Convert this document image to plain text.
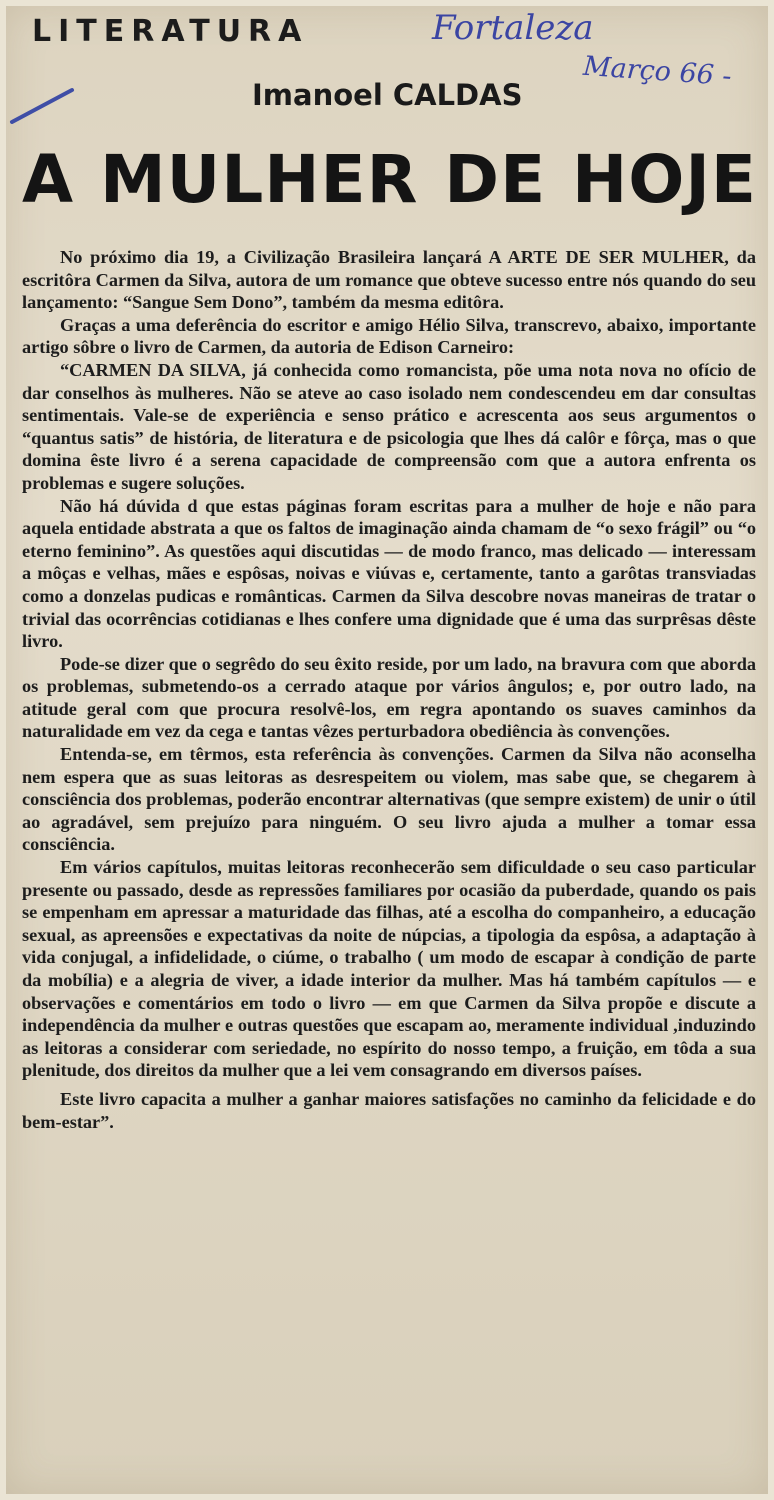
LITERATURA	Fortaleza
Março 66 -
Imanoel CALDAS
A MULHER DE HOJE

No próximo dia 19, a Civilização Brasileira lançará A ARTE DE SER MULHER, da escritôra Carmen da Silva, autora de um romance que obteve sucesso entre nós quando do seu lançamento: “Sangue Sem Dono”, também da mesma editôra.

Graças a uma deferência do escritor e amigo Hélio Silva, transcrevo, abaixo, importante artigo sôbre o livro de Carmen, da autoria de Edison Carneiro:

“CARMEN DA SILVA, já conhecida como romancista, põe uma nota nova no ofício de dar conselhos às mulheres. Não se ateve ao caso isolado nem condescendeu em dar consultas sentimentais. Vale-se de experiência e senso prático e acrescenta aos seus argumentos o “quantus satis” de história, de literatura e de psicologia que lhes dá calôr e fôrça, mas o que domina êste livro é a serena capacidade de compreensão com que a autora enfrenta os problemas e sugere soluções.

Não há dúvida d que estas páginas foram escritas para a mulher de hoje e não para aquela entidade abstrata a que os faltos de imaginação ainda chamam de “o sexo frágil” ou “o eterno feminino”. As questões aqui discutidas — de modo franco, mas delicado — interessam a môças e velhas, mães e espôsas, noivas e viúvas e, certamente, tanto a garôtas transviadas como a donzelas pudicas e românticas. Carmen da Silva descobre novas maneiras de tratar o trivial das ocorrências cotidianas e lhes confere uma dignidade que é uma das surprêsas dêste livro.

Pode-se dizer que o segrêdo do seu êxito reside, por um lado, na bravura com que aborda os problemas, submetendo-os a cerrado ataque por vários ângulos; e, por outro lado, na atitude geral com que procura resolvê-los, em regra apontando os suaves caminhos da naturalidade em vez da cega e tantas vêzes perturbadora obediência às convenções.

Entenda-se, em têrmos, esta referência às convenções. Carmen da Silva não aconselha nem espera que as suas leitoras as desrespeitem ou violem, mas sabe que, se chegarem à consciência dos problemas, poderão encontrar alternativas (que sempre existem) de unir o útil ao agradável, sem prejuízo para ninguém. O seu livro ajuda a mulher a tomar essa consciência.

Em vários capítulos, muitas leitoras reconhecerão sem dificuldade o seu caso particular presente ou passado, desde as repressões familiares por ocasião da puberdade, quando os pais se empenham em apressar a maturidade das filhas, até a escolha do companheiro, a educação sexual, as apreensões e expectativas da noite de núpcias, a tipologia da espôsa, a adaptação à vida conjugal, a infidelidade, o ciúme, o trabalho ( um modo de escapar à condição de parte da mobília) e a alegria de viver, a idade interior da mulher. Mas há também capítulos — e observações e comentários em todo o livro — em que Carmen da Silva propõe e discute a independência da mulher e outras questões que escapam ao, meramente individual ,induzindo as leitoras a considerar com seriedade, no espírito do nosso tempo, a fruição, em tôda a sua plenitude, dos direitos da mulher que a lei vem consagrando em diversos países.

Este livro capacita a mulher a ganhar maiores satisfações no caminho da felicidade e do bem-estar”.
